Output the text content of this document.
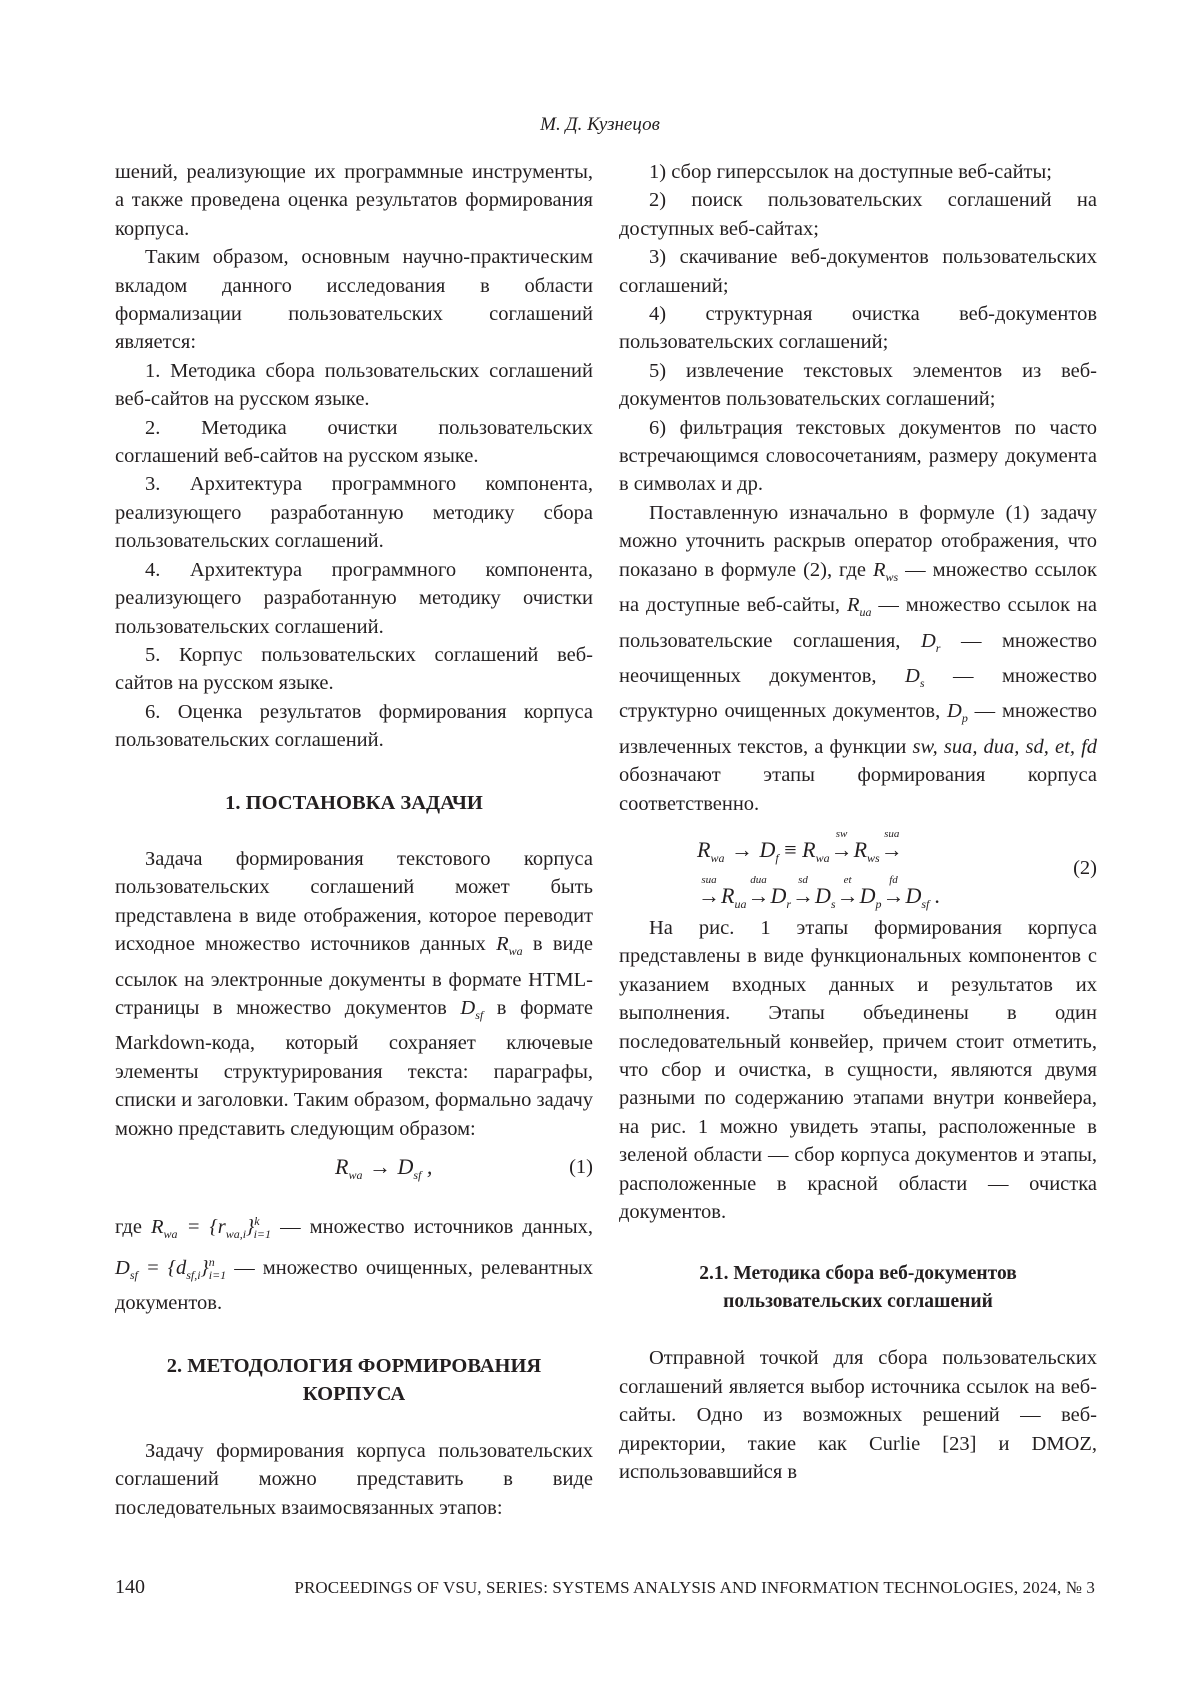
М. Д. Кузнецов

шений, реализующие их программные инструменты, а также проведена оценка результатов формирования корпуса.

Таким образом, основным научно-практическим вкладом данного исследования в области формализации пользовательских соглашений является:

1. Методика сбора пользовательских соглашений веб-сайтов на русском языке.

2. Методика очистки пользовательских соглашений веб-сайтов на русском языке.

3. Архитектура программного компонента, реализующего разработанную методику сбора пользовательских соглашений.

4. Архитектура программного компонента, реализующего разработанную методику очистки пользовательских соглашений.

5. Корпус пользовательских соглашений веб-сайтов на русском языке.

6. Оценка результатов формирования корпуса пользовательских соглашений.

1. ПОСТАНОВКА ЗАДАЧИ

Задача формирования текстового корпуса пользовательских соглашений может быть представлена в виде отображения, которое переводит исходное множество источников данных $R_{wa}$ в виде ссылок на электронные документы в формате HTML-страницы в множество документов $D_{sf}$ в формате Markdown-кода, который сохраняет ключевые элементы структурирования текста: параграфы, списки и заголовки. Таким образом, формально задачу можно представить следующим образом:

$R_{wa} \to D_{sf}$ ,	(1)

где $R_{wa} = \{r_{wa,i}\}^k_{i=1}$ — множество источников данных, $D_{sf} = \{d_{sf,i}\}^n_{i=1}$ — множество очищенных, релевантных документов.

2. МЕТОДОЛОГИЯ ФОРМИРОВАНИЯ КОРПУСА

Задачу формирования корпуса пользовательских соглашений можно представить в виде последовательных взаимосвязанных этапов:

1) сбор гиперссылок на доступные веб-сайты;

2) поиск пользовательских соглашений на доступных веб-сайтах;

3) скачивание веб-документов пользовательских соглашений;

4) структурная очистка веб-документов пользовательских соглашений;

5) извлечение текстовых элементов из веб-документов пользовательских соглашений;

6) фильтрация текстовых документов по часто встречающимся словосочетаниям, размеру документа в символах и др.

Поставленную изначально в формуле (1) задачу можно уточнить раскрыв оператор отображения, что показано в формуле (2), где $R_{ws}$ — множество ссылок на доступные веб-сайты, $R_{ua}$ — множество ссылок на пользовательские соглашения, $D_r$ — множество неочищенных документов, $D_s$ — множество структурно очищенных документов, $D_p$ — множество извлеченных текстов, а функции sw, sua, dua, sd, et, fd обозначают этапы формирования корпуса соответственно.

$R_{wa} \to D_f \equiv R_{wa}$
sw
$\to R_{ws}$
sua
→
sua
$\to R_{ua}$
dua
$\to D_r$
sd
$\to D_s$
et
$\to D_p$
fd
$\to D_{sf}$ .
(2)

На рис. 1 этапы формирования корпуса представлены в виде функциональных компонентов с указанием входных данных и результатов их выполнения. Этапы объединены в один последовательный конвейер, причем стоит отметить, что сбор и очистка, в сущности, являются двумя разными по содержанию этапами внутри конвейера, на рис. 1 можно увидеть этапы, расположенные в зеленой области — сбор корпуса документов и этапы, расположенные в красной области — очистка документов.

2.1. Методика сбора веб-документов пользовательских соглашений

Отправной точкой для сбора пользовательских соглашений является выбор источника ссылок на веб-сайты. Одно из возможных решений — веб-директории, такие как Curlie [23] и DMOZ, использовавшийся в

140	PROCEEDINGS OF VSU, SERIES: SYSTEMS ANALYSIS AND INFORMATION TECHNOLOGIES, 2024, № 3
